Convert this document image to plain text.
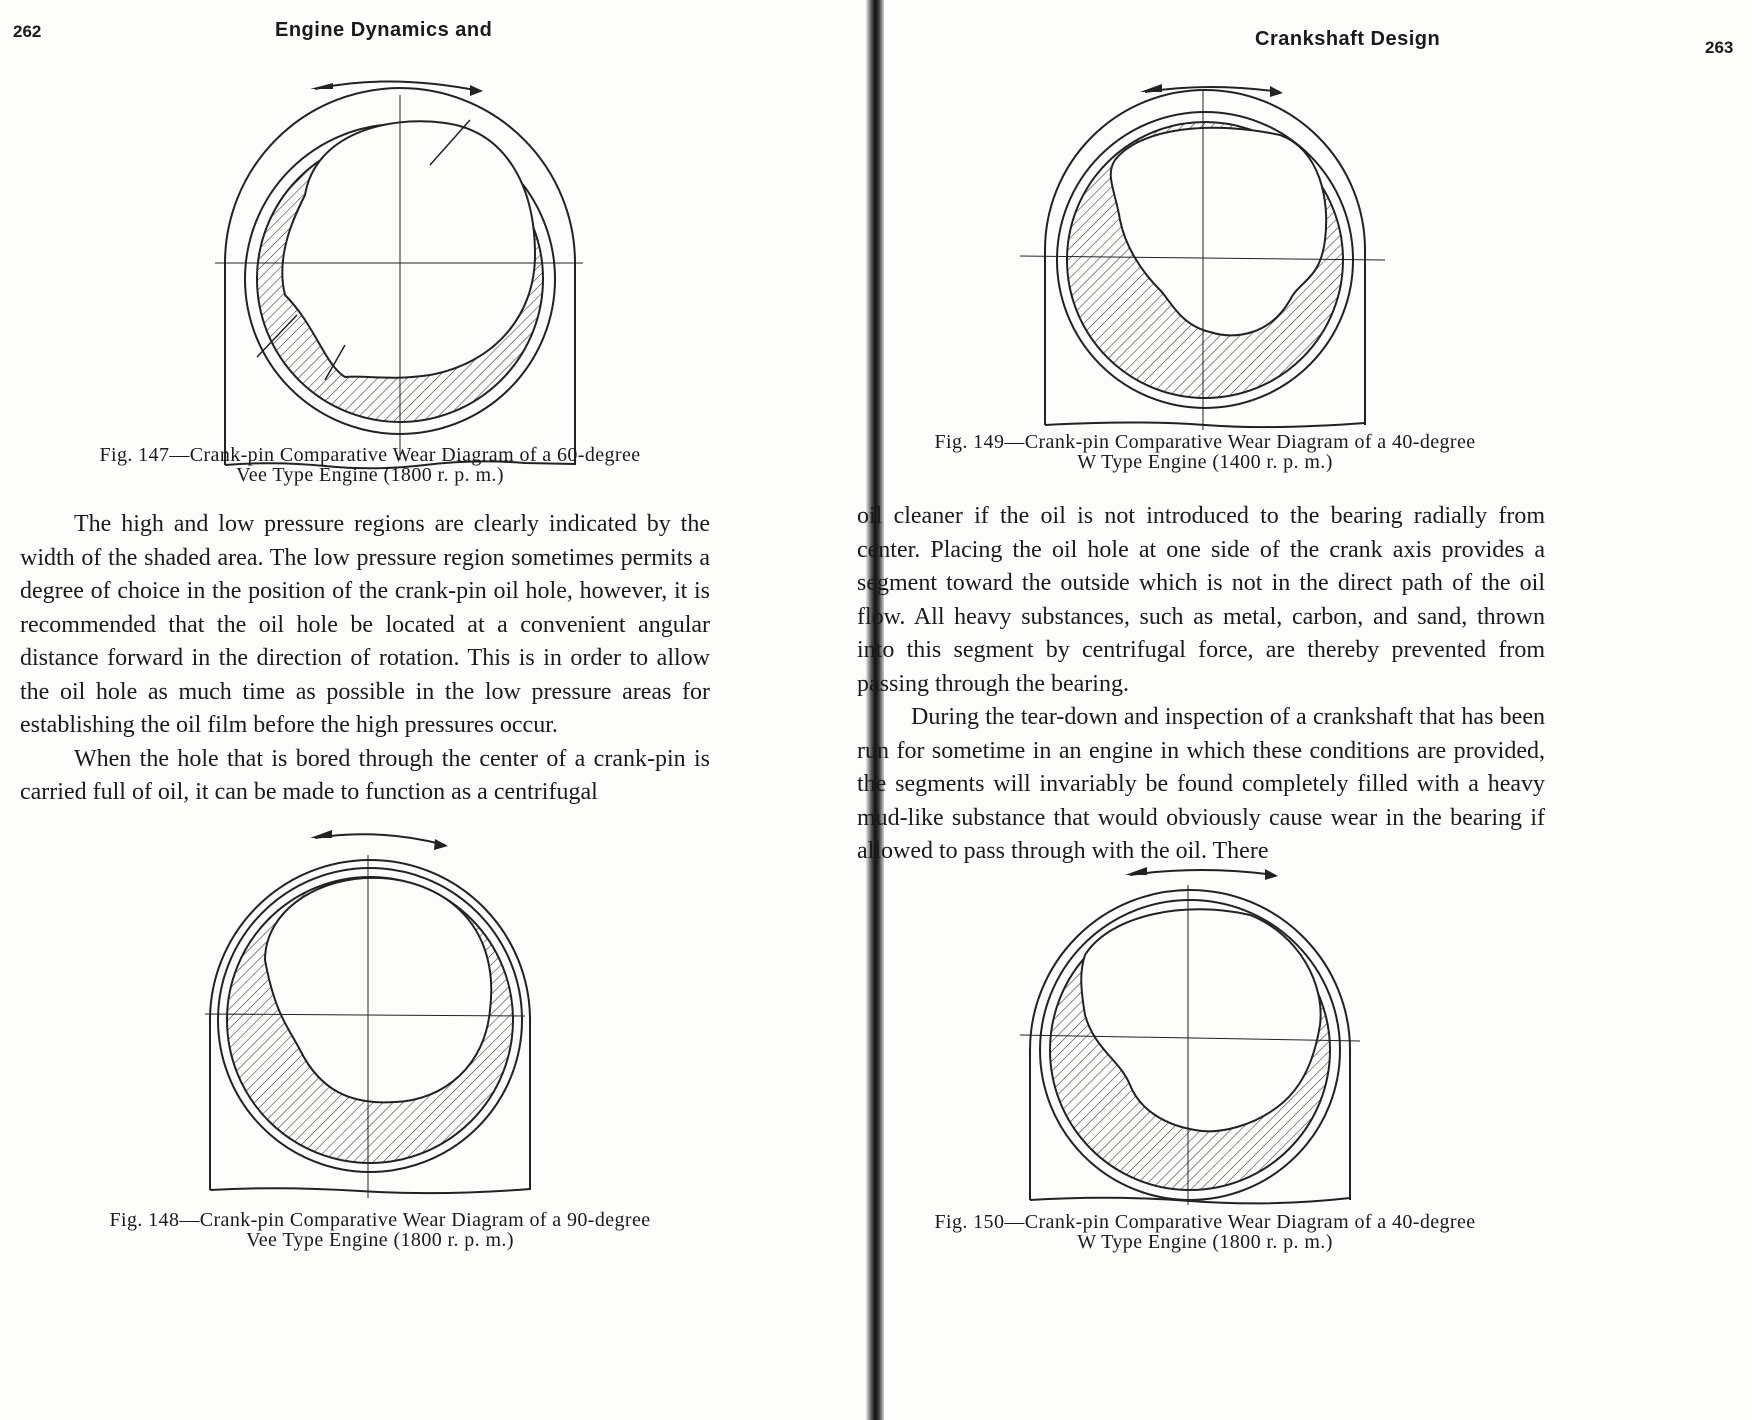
262	Engine Dynamics and
Fig. 147—Crank-pin Comparative Wear Diagram of a 60-degree
Vee Type Engine (1800 r. p. m.)

The high and low pressure regions are clearly indicated by the width of the shaded area. The low pressure region sometimes permits a degree of choice in the position of the crank-pin oil hole, however, it is recommended that the oil hole be located at a convenient angular distance forward in the direction of rotation. This is in order to allow the oil hole as much time as possible in the low pressure areas for establishing the oil film before the high pressures occur.

When the hole that is bored through the center of a crank-pin is carried full of oil, it can be made to function as a centrifugal

Fig. 148—Crank-pin Comparative Wear Diagram of a 90-degree
Vee Type Engine (1800 r. p. m.)
Crankshaft Design	263
Fig. 149—Crank-pin Comparative Wear Diagram of a 40-degree
W Type Engine (1400 r. p. m.)

oil cleaner if the oil is not introduced to the bearing radially from center. Placing the oil hole at one side of the crank axis provides a segment toward the outside which is not in the direct path of the oil flow. All heavy substances, such as metal, carbon, and sand, thrown into this segment by centrifugal force, are thereby prevented from passing through the bearing.

During the tear-down and inspection of a crankshaft that has been run for sometime in an engine in which these conditions are provided, the segments will invariably be found completely filled with a heavy mud-like substance that would obviously cause wear in the bearing if allowed to pass through with the oil. There

Fig. 150—Crank-pin Comparative Wear Diagram of a 40-degree
W Type Engine (1800 r. p. m.)
